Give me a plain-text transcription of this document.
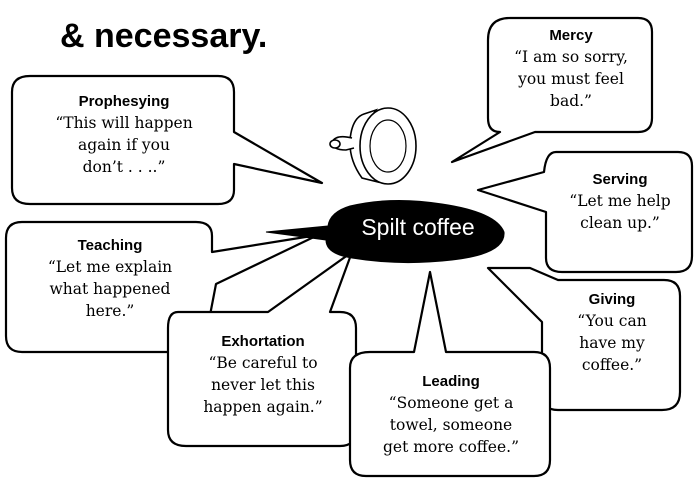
& necessary.
Spilt coffee
Mercy
“I am so sorry,
you must feel
bad.”
Prophesying
“This will happen
again if you
don’t . . ..”
Serving
“Let me help
clean up.”
Teaching
“Let me explain
what happened
here.”
Giving
“You can
have my
coffee.”
Exhortation
“Be careful to
never let this
happen again.”
Leading
“Someone get a
towel, someone
get more coffee.”
